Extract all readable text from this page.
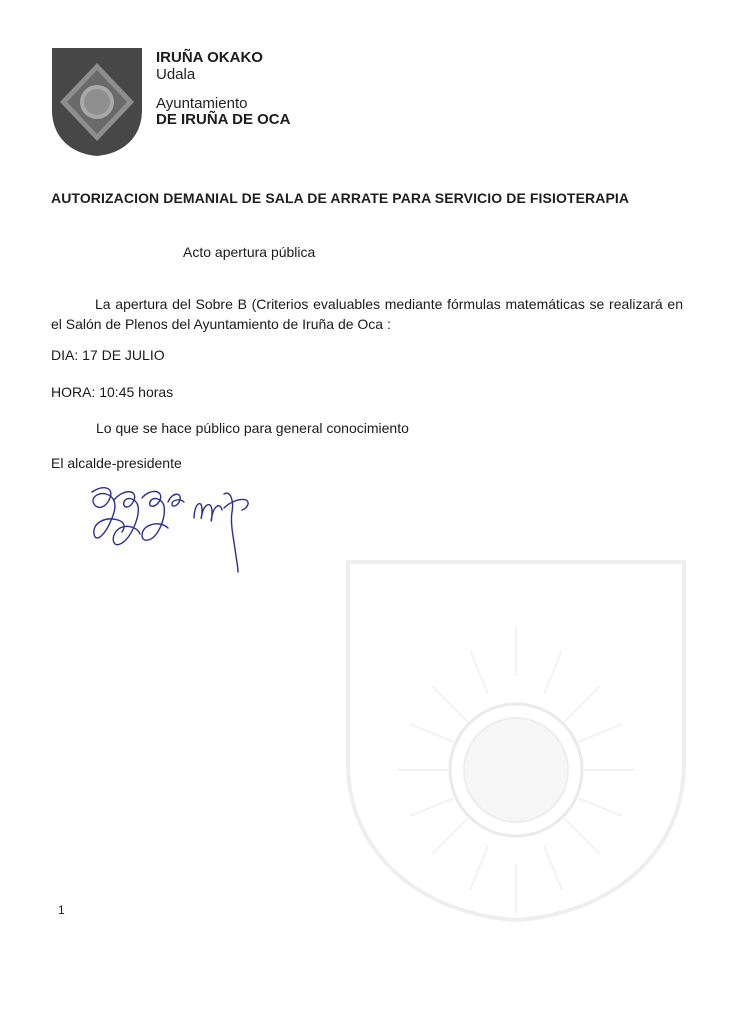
IRUÑA OKAKO
Udala
Ayuntamiento
DE IRUÑA DE OCA
AUTORIZACION DEMANIAL DE SALA DE ARRATE PARA SERVICIO DE FISIOTERAPIA
Acto apertura pública
La apertura del Sobre B (Criterios evaluables mediante fórmulas matemáticas se realizará en el Salón de Plenos del Ayuntamiento de Iruña de Oca :
DIA: 17 DE JULIO
HORA: 10:45 horas
Lo que se hace público para general conocimiento
El alcalde-presidente
1
